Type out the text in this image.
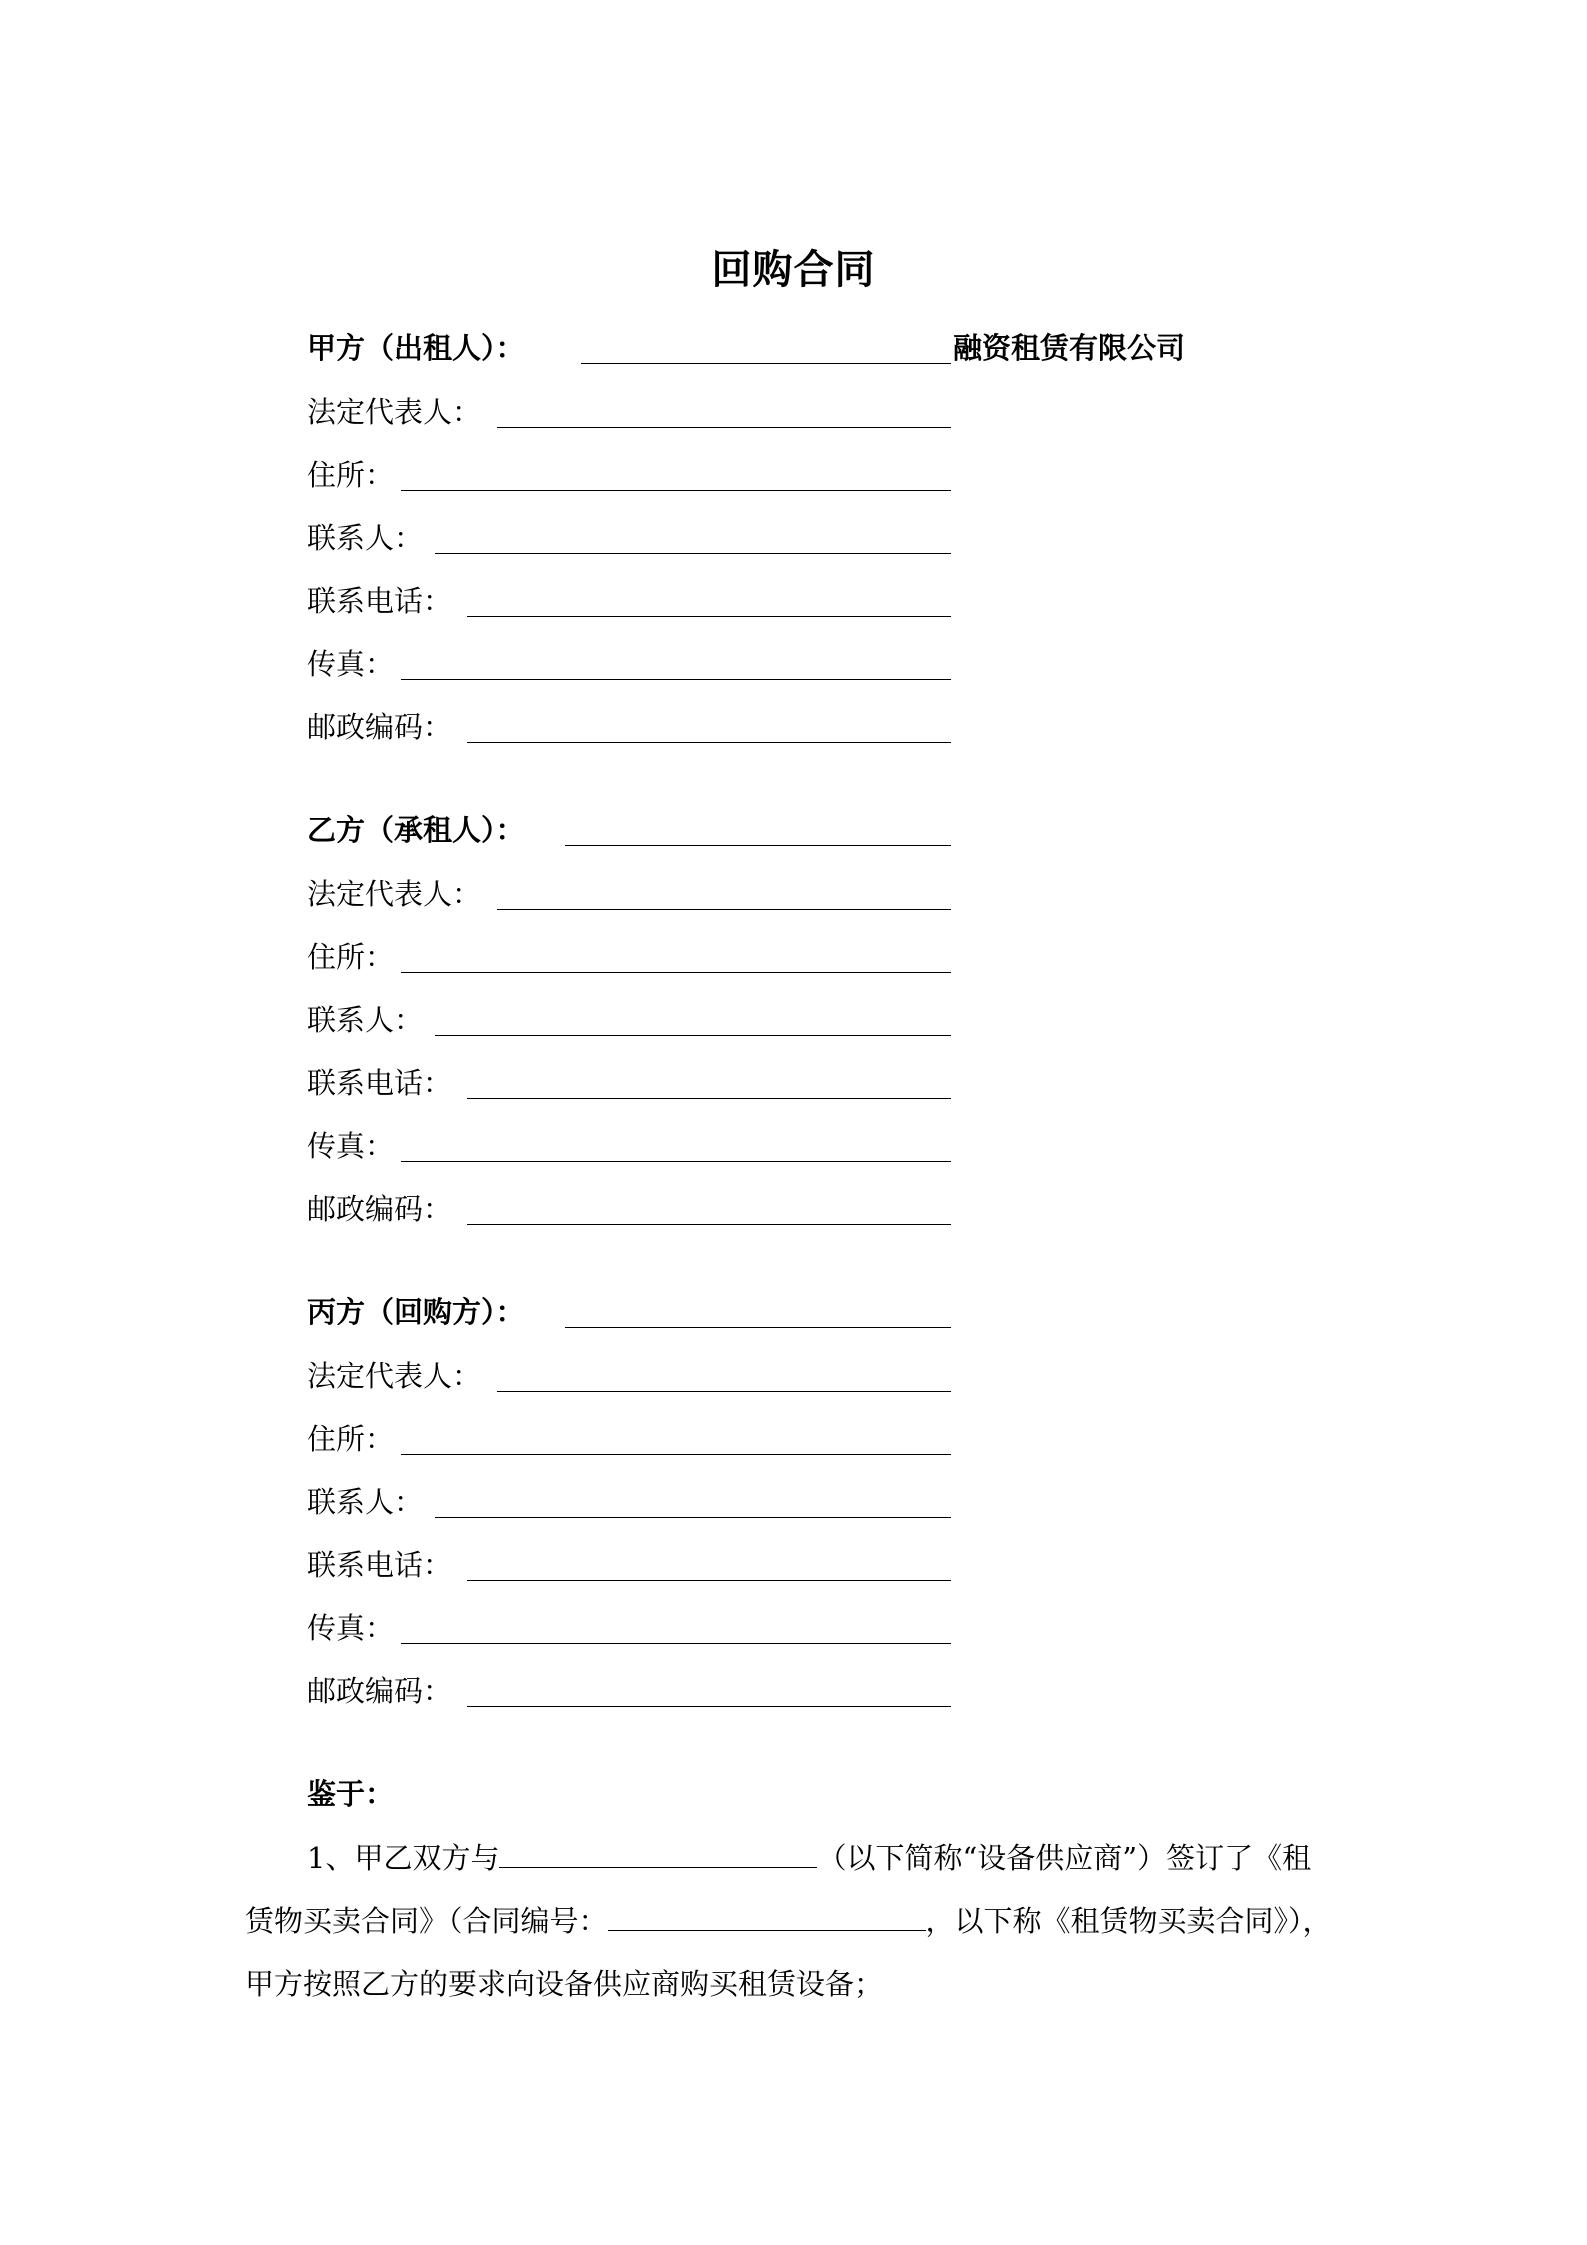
回购合同
甲方（出租人）：	融资租赁有限公司
法定代表人：
住所：
联系人：
联系电话：
传真：
邮政编码：
乙方（承租人）：
法定代表人：
住所：
联系人：
联系电话：
传真：
邮政编码：
丙方（回购方）：
法定代表人：
住所：
联系人：
联系电话：
传真：
邮政编码：
鉴于：
1、甲乙双方与	（以下简称“设备供应商”）签订了《租
赁物买卖合同》（合同编号：	，以下称《租赁物买卖合同》），
甲方按照乙方的要求向设备供应商购买租赁设备；
